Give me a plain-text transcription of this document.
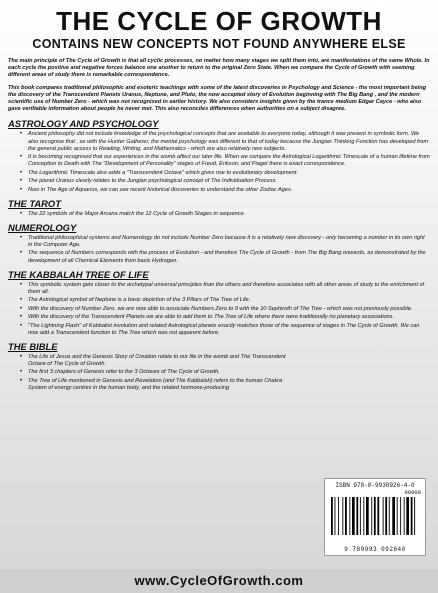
THE CYCLE OF GROWTH
CONTAINS NEW CONCEPTS NOT FOUND ANYWHERE ELSE

The main principle of The Cycle of Growth is that all cyclic processes, no matter how many stages we split them into, are manifestations of the same Whole. In each cycle the positive and negative forces balance one another to return to the original Zero State. When we compare the Cycle of Growth with seeming different areas of study there is remarkable correspondence.

This book compares traditional philosophic and esoteric teachings with some of the latest discoveries in Psychology and Science - the most important being the discovery of the Transcendent Planets Uranus, Neptune, and Pluto, the now accepted story of Evolution beginning with The Big Bang , and the modern scientific use of Number Zero - which was not recognised in earlier history. We also considers insights given by the trance medium Edgar Cayce - who also gave verifiable information about people he never met. This also reconciles differences when authorities on a subject disagree.

ASTROLOGY AND PSYCHOLOGY
• Ancient philosophy did not include knowledge of the psychological concepts that are available to everyone today, although it was present in symbolic form. We also recognise that , as with the Hunter Gatherer, the mental psychology was different to that of today because the Jungian Thinking Function has developed from the general public access to Reading, Writing, and Mathematics - which are also relatively new subjects.
• It is becoming recognised that our experiences in the womb affect our later life. When we compare the Astrological Logarithmic Timescale of a human lifetime from Conception to Death with The "Development of Personality" stages of Freud, Erikson, and Piaget there is exact correspondence.
• The Logarithmic Timescale also adds a "Transcendent Octave" which gives rise to evolutionary development.
• The planet Uranus clearly relates to the Jungian psychological concept of The Individuation Process.
• Now in The Age of Aquarius, we can use recent historical discoveries to understand the other Zodiac Ages.
THE TAROT
• The 22 symbols of the Major Arcana match the 12 Cycle of Growth Stages in sequence.
NUMEROLOGY
• Traditional philosophical systems and Numerology do not include Number Zero because it is a relatively new discovery - only becoming a number in its own right in the Computer Age.
• The sequence of Numbers corresponds with the process of Evolution - and therefore The Cycle of Growth - from The Big Bang onwards, as demonstrated by the development of all Chemical Elements from basic Hydrogen.
THE KABBALAH TREE OF LIFE
• This symbolic system gets closer to the archetypal universal principles than the others and therefore associates with all other areas of study to the enrichment of them all.
• The Astrological symbol of Neptune is a basic depiction of the 3 Pillars of The Tree of Life.
• With the discovery of Number Zero, we are now able to associate Numbers Zero to 9 with the 10 Sephiroth of The Tree - which was not previously possible.
• With the discovery of the Transcendent Planets we are able to add them to The Tree of Life where there were traditionally no planetary associations.
• "The Lightning Flash" of Kabbalist involution and related Astrological planets exactly matches those of the sequence of stages in The Cycle of Growth. We can now add a Transcendent function to The Tree which was not apparent before.
THE BIBLE
• The Life of Jesus and the Genesis Story of Creation relate to our life in the womb and The Transcendent Octave of The Cycle of Growth.
• The first 3 chapters of Genesis refer to the 3 Octaves of The Cycle of Growth.
• The Tree of Life mentioned in Genesis and Revelation (and The Kabbalah) refers to the human Chakra System of energy centres in the human body, and the related hormone-producing
ISBN 978-0-9930926-4-0
90000
9 780993 092640
www.CycleOfGrowth.com
